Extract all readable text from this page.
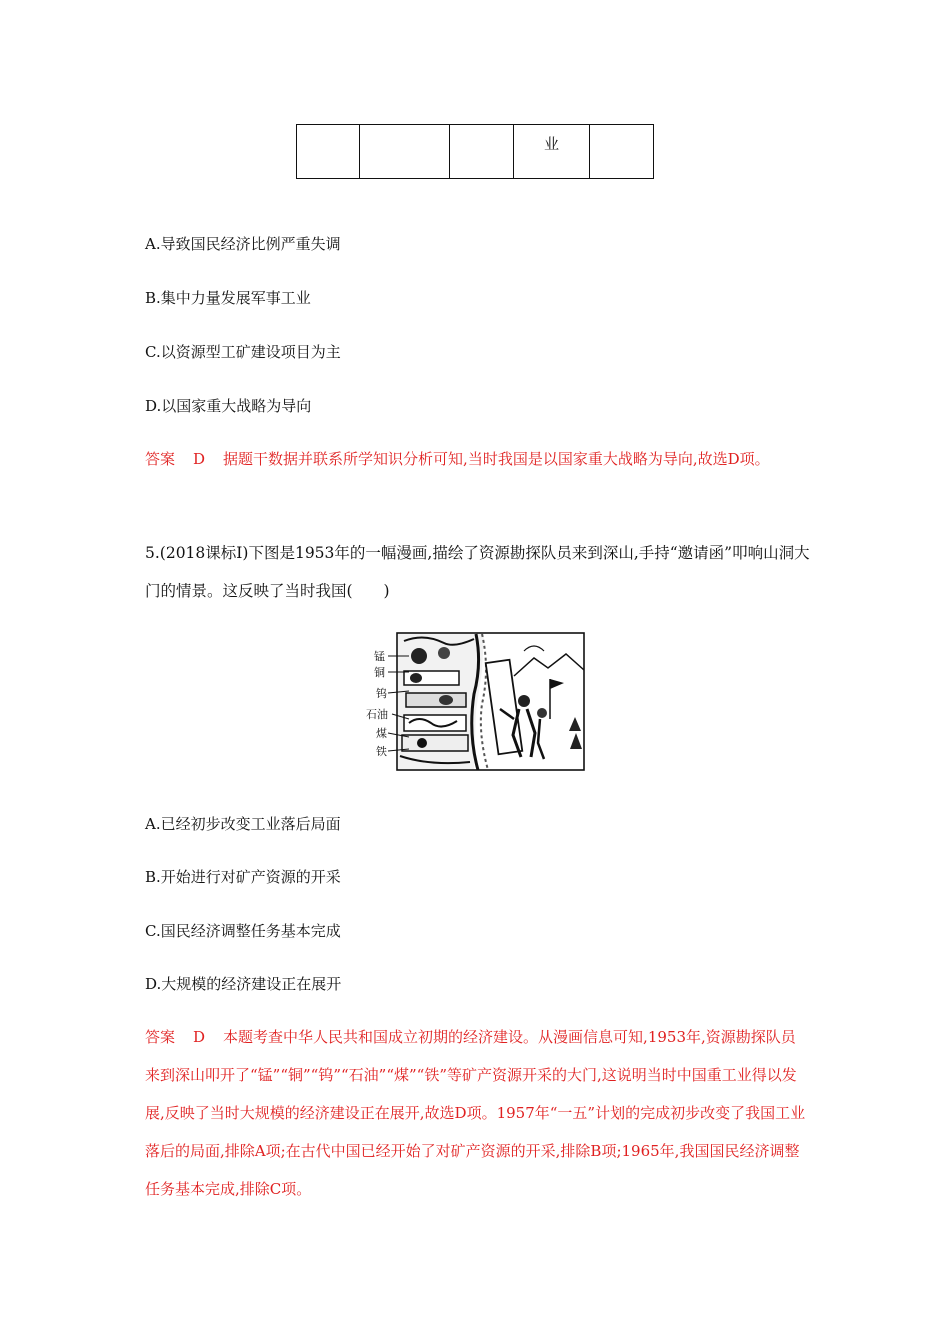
业

A.导致国民经济比例严重失调
B.集中力量发展军事工业
C.以资源型工矿建设项目为主
D.以国家重大战略为导向
答案 D 据题干数据并联系所学知识分析可知,当时我国是以国家重大战略为导向,故选D项。
5.(2018课标Ⅰ)下图是1953年的一幅漫画,描绘了资源勘探队员来到深山,手持“邀请函”叩响山洞大门的情景。这反映了当时我国(　　)
锰
铜
钨
石油
煤
铁
A.已经初步改变工业落后局面
B.开始进行对矿产资源的开采
C.国民经济调整任务基本完成
D.大规模的经济建设正在展开
答案 D 本题考查中华人民共和国成立初期的经济建设。从漫画信息可知,1953年,资源勘探队员来到深山叩开了“锰”“铜”“钨”“石油”“煤”“铁”等矿产资源开采的大门,这说明当时中国重工业得以发展,反映了当时大规模的经济建设正在展开,故选D项。1957年“一五”计划的完成初步改变了我国工业落后的局面,排除A项;在古代中国已经开始了对矿产资源的开采,排除B项;1965年,我国国民经济调整任务基本完成,排除C项。
